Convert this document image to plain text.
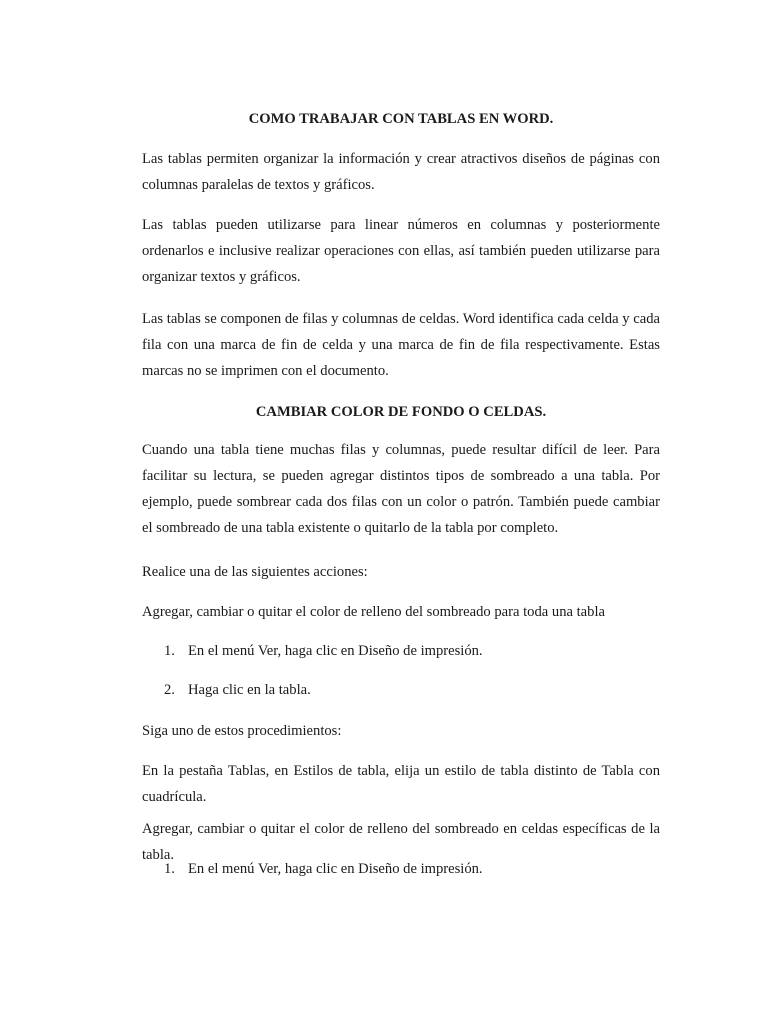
COMO TRABAJAR CON TABLAS EN WORD.

Las tablas permiten organizar la información y crear atractivos diseños de páginas con columnas paralelas de textos y gráficos.

Las tablas pueden utilizarse para linear números en columnas y posteriormente ordenarlos e inclusive realizar operaciones con ellas, así también pueden utilizarse para organizar textos y gráficos.

Las tablas se componen de filas y columnas de celdas. Word identifica cada celda y cada fila con una marca de fin de celda y una marca de fin de fila respectivamente. Estas marcas no se imprimen con el documento.

CAMBIAR COLOR DE FONDO O CELDAS.

Cuando una tabla tiene muchas filas y columnas, puede resultar difícil de leer. Para facilitar su lectura, se pueden agregar distintos tipos de sombreado a una tabla. Por ejemplo, puede sombrear cada dos filas con un color o patrón. También puede cambiar el sombreado de una tabla existente o quitarlo de la tabla por completo.

Realice una de las siguientes acciones:

Agregar, cambiar o quitar el color de relleno del sombreado para toda una tabla

1. En el menú Ver, haga clic en Diseño de impresión.
2. Haga clic en la tabla.

Siga uno de estos procedimientos:

En la pestaña Tablas, en Estilos de tabla, elija un estilo de tabla distinto de Tabla con cuadrícula.

Agregar, cambiar o quitar el color de relleno del sombreado en celdas específicas de la tabla.

1. En el menú Ver, haga clic en Diseño de impresión.
